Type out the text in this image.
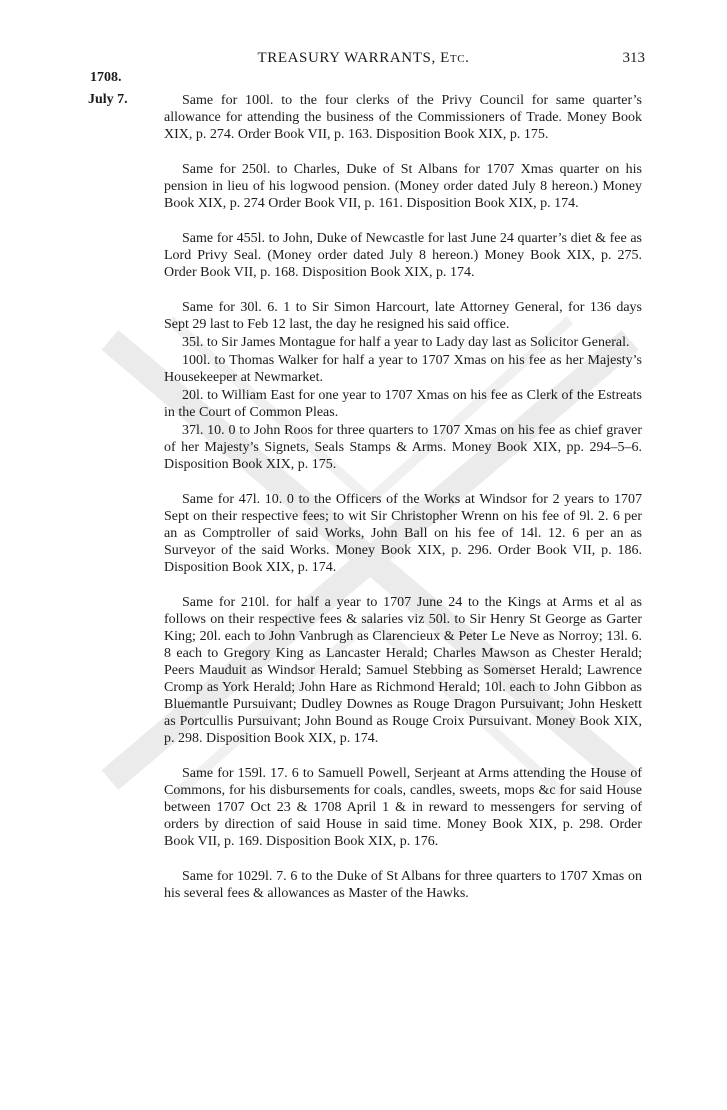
TREASURY WARRANTS, Etc.	313
1708.
July 7.	Same for 100l. to the four clerks of the Privy Council for same quarter’s allowance for attending the business of the Commissioners of Trade. Money Book XIX, p. 274. Order Book VII, p. 163. Disposition Book XIX, p. 175.

Same for 250l. to Charles, Duke of St Albans for 1707 Xmas quarter on his pension in lieu of his logwood pension. (Money order dated July 8 hereon.) Money Book XIX, p. 274 Order Book VII, p. 161. Disposition Book XIX, p. 174.

Same for 455l. to John, Duke of Newcastle for last June 24 quarter’s diet & fee as Lord Privy Seal. (Money order dated July 8 hereon.) Money Book XIX, p. 275. Order Book VII, p. 168. Disposition Book XIX, p. 174.

Same for 30l. 6. 1 to Sir Simon Harcourt, late Attorney General, for 136 days Sept 29 last to Feb 12 last, the day he resigned his said office.

35l. to Sir James Montague for half a year to Lady day last as Solicitor General.

100l. to Thomas Walker for half a year to 1707 Xmas on his fee as her Majesty’s Housekeeper at Newmarket.

20l. to William East for one year to 1707 Xmas on his fee as Clerk of the Estreats in the Court of Common Pleas.

37l. 10. 0 to John Roos for three quarters to 1707 Xmas on his fee as chief graver of her Majesty’s Signets, Seals Stamps & Arms. Money Book XIX, pp. 294–5–6. Disposition Book XIX, p. 175.

Same for 47l. 10. 0 to the Officers of the Works at Windsor for 2 years to 1707 Sept on their respective fees; to wit Sir Christopher Wrenn on his fee of 9l. 2. 6 per an as Comptroller of said Works, John Ball on his fee of 14l. 12. 6 per an as Surveyor of the said Works. Money Book XIX, p. 296. Order Book VII, p. 186. Disposition Book XIX, p. 174.

Same for 210l. for half a year to 1707 June 24 to the Kings at Arms et al as follows on their respective fees & salaries viz 50l. to Sir Henry St George as Garter King; 20l. each to John Vanbrugh as Clarencieux & Peter Le Neve as Norroy; 13l. 6. 8 each to Gregory King as Lancaster Herald; Charles Mawson as Chester Herald; Peers Mauduit as Windsor Herald; Samuel Stebbing as Somerset Herald; Lawrence Cromp as York Herald; John Hare as Richmond Herald; 10l. each to John Gibbon as Bluemantle Pursuivant; Dudley Downes as Rouge Dragon Pursuivant; John Heskett as Portcullis Pursuivant; John Bound as Rouge Croix Pursuivant. Money Book XIX, p. 298. Disposition Book XIX, p. 174.

Same for 159l. 17. 6 to Samuell Powell, Serjeant at Arms attending the House of Commons, for his disbursements for coals, candles, sweets, mops &c for said House between 1707 Oct 23 & 1708 April 1 & in reward to messengers for serving of orders by direction of said House in said time. Money Book XIX, p. 298. Order Book VII, p. 169. Disposition Book XIX, p. 176.

Same for 1029l. 7. 6 to the Duke of St Albans for three quarters to 1707 Xmas on his several fees & allowances as Master of the Hawks.
